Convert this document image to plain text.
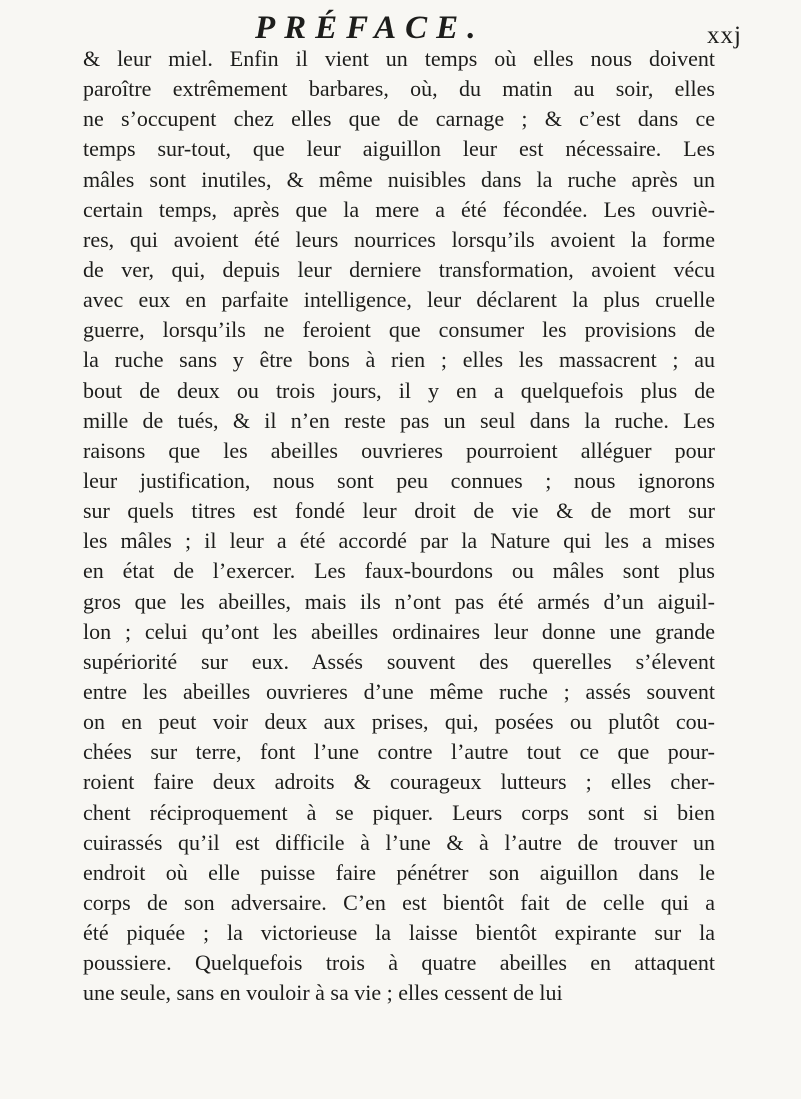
PRÉFACE.	xxj
& leur miel. Enfin il vient un temps où elles nous doivent
paroître extrêmement barbares, où, du matin au soir, elles
ne s’occupent chez elles que de carnage ; & c’est dans ce
temps sur-tout, que leur aiguillon leur est nécessaire. Les
mâles sont inutiles, & même nuisibles dans la ruche après un
certain temps, après que la mere a été fécondée. Les ouvriè-
res, qui avoient été leurs nourrices lorsqu’ils avoient la forme
de ver, qui, depuis leur derniere transformation, avoient vécu
avec eux en parfaite intelligence, leur déclarent la plus cruelle
guerre, lorsqu’ils ne feroient que consumer les provisions de
la ruche sans y être bons à rien ; elles les massacrent ; au
bout de deux ou trois jours, il y en a quelquefois plus de
mille de tués, & il n’en reste pas un seul dans la ruche. Les
raisons que les abeilles ouvrieres pourroient alléguer pour
leur justification, nous sont peu connues ; nous ignorons
sur quels titres est fondé leur droit de vie & de mort sur
les mâles ; il leur a été accordé par la Nature qui les a mises
en état de l’exercer. Les faux-bourdons ou mâles sont plus
gros que les abeilles, mais ils n’ont pas été armés d’un aiguil-
lon ; celui qu’ont les abeilles ordinaires leur donne une grande
supériorité sur eux. Assés souvent des querelles s’élevent
entre les abeilles ouvrieres d’une même ruche ; assés souvent
on en peut voir deux aux prises, qui, posées ou plutôt cou-
chées sur terre, font l’une contre l’autre tout ce que pour-
roient faire deux adroits & courageux lutteurs ; elles cher-
chent réciproquement à se piquer. Leurs corps sont si bien
cuirassés qu’il est difficile à l’une & à l’autre de trouver un
endroit où elle puisse faire pénétrer son aiguillon dans le
corps de son adversaire. C’en est bientôt fait de celle qui a
été piquée ; la victorieuse la laisse bientôt expirante sur la
poussiere. Quelquefois trois à quatre abeilles en attaquent
une seule, sans en vouloir à sa vie ; elles cessent de lui
